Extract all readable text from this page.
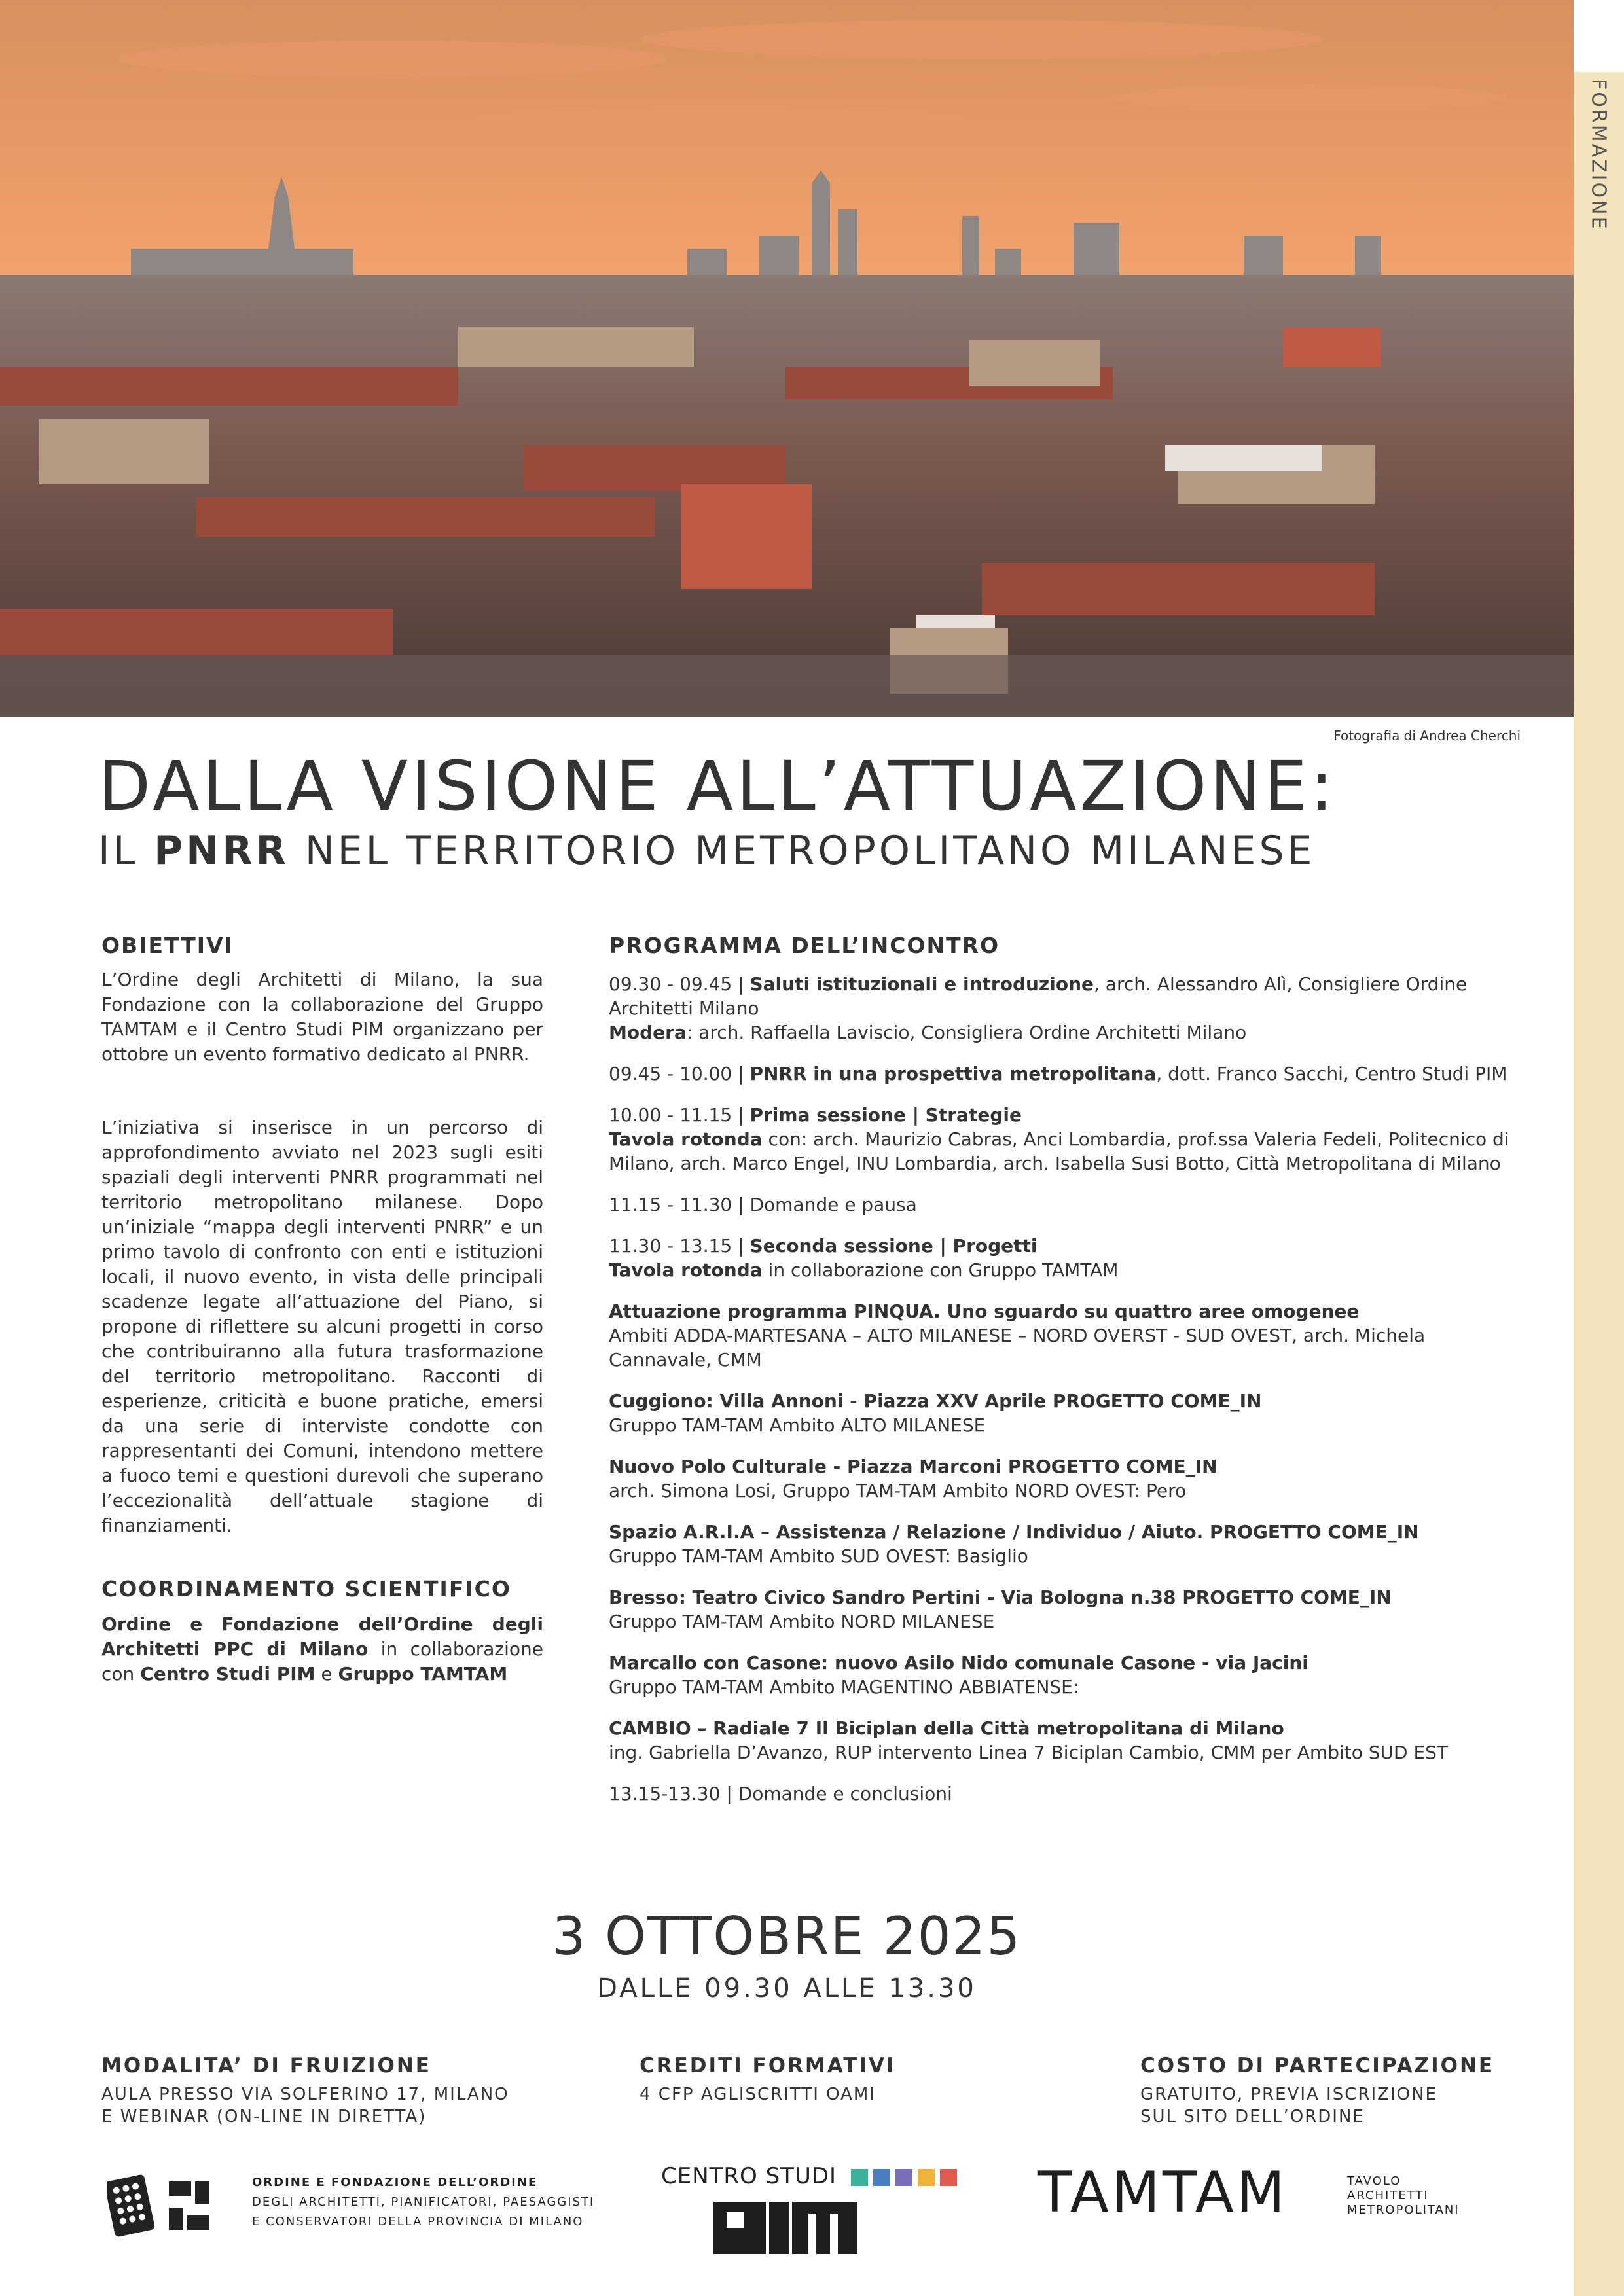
FORMAZIONE
Fotografia di Andrea Cherchi
DALLA VISIONE ALL’ATTUAZIONE:
IL PNRR NEL TERRITORIO METROPOLITANO MILANESE
OBIETTIVI
L’Ordine degli Architetti di Milano, la sua Fondazione con la collaborazione del Gruppo TAMTAM e il Centro Studi PIM organizzano per ottobre un evento formativo dedicato al PNRR.
L’iniziativa si inserisce in un percorso di approfondimento avviato nel 2023 sugli esiti spaziali degli interventi PNRR programmati nel territorio metropolitano milanese. Dopo un’iniziale “mappa degli interventi PNRR” e un primo tavolo di confronto con enti e istituzioni locali, il nuovo evento, in vista delle principali scadenze legate all’attuazione del Piano, si propone di riflettere su alcuni progetti in corso che contribuiranno alla futura trasformazione del territorio metropolitano. Racconti di esperienze, criticità e buone pratiche, emersi da una serie di interviste condotte con rappresentanti dei Comuni, intendono mettere a fuoco temi e questioni durevoli che superano l’eccezionalità dell’attuale stagione di finanziamenti.
COORDINAMENTO SCIENTIFICO
Ordine e Fondazione dell’Ordine degli Architetti PPC di Milano in collaborazione con Centro Studi PIM e Gruppo TAMTAM
PROGRAMMA DELL’INCONTRO
09.30 - 09.45 | Saluti istituzionali e introduzione, arch. Alessandro Alì, Consigliere Ordine Architetti Milano
Modera: arch. Raffaella Laviscio, Consigliera Ordine Architetti Milano
09.45 - 10.00 | PNRR in una prospettiva metropolitana, dott. Franco Sacchi, Centro Studi PIM
10.00 - 11.15 | Prima sessione | Strategie
Tavola rotonda con: arch. Maurizio Cabras, Anci Lombardia, prof.ssa Valeria Fedeli, Politecnico di Milano, arch. Marco Engel, INU Lombardia, arch. Isabella Susi Botto, Città Metropolitana di Milano
11.15 - 11.30 | Domande e pausa
11.30 - 13.15 | Seconda sessione | Progetti
Tavola rotonda in collaborazione con Gruppo TAMTAM
Attuazione programma PINQUA. Uno sguardo su quattro aree omogenee
Ambiti ADDA-MARTESANA – ALTO MILANESE – NORD OVERST - SUD OVEST, arch. Michela Cannavale, CMM
Cuggiono: Villa Annoni - Piazza XXV Aprile PROGETTO COME_IN
Gruppo TAM-TAM Ambito ALTO MILANESE
Nuovo Polo Culturale - Piazza Marconi PROGETTO COME_IN
arch. Simona Losi, Gruppo TAM-TAM Ambito NORD OVEST: Pero
Spazio A.R.I.A – Assistenza / Relazione / Individuo / Aiuto. PROGETTO COME_IN
Gruppo TAM-TAM Ambito SUD OVEST: Basiglio
Bresso: Teatro Civico Sandro Pertini - Via Bologna n.38 PROGETTO COME_IN
Gruppo TAM-TAM Ambito NORD MILANESE
Marcallo con Casone: nuovo Asilo Nido comunale Casone - via Jacini
Gruppo TAM-TAM Ambito MAGENTINO ABBIATENSE:
CAMBIO – Radiale 7 Il Biciplan della Città metropolitana di Milano
ing. Gabriella D’Avanzo, RUP intervento Linea 7 Biciplan Cambio, CMM per Ambito SUD EST
13.15-13.30 | Domande e conclusioni
3 OTTOBRE 2025
DALLE 09.30 ALLE 13.30
MODALITA’ DI FRUIZIONE
AULA PRESSO VIA SOLFERINO 17, MILANO
E WEBINAR (ON-LINE IN DIRETTA)
CREDITI FORMATIVI
4 CFP AGLISCRITTI OAMI
COSTO DI PARTECIPAZIONE
GRATUITO, PREVIA ISCRIZIONE
SUL SITO DELL’ORDINE
ORDINE E FONDAZIONE DELL’ORDINE
DEGLI ARCHITETTI, PIANIFICATORI, PAESAGGISTI
E CONSERVATORI DELLA PROVINCIA DI MILANO
CENTRO STUDI	TAMTAM	TAVOLO
ARCHITETTI
METROPOLITANI
